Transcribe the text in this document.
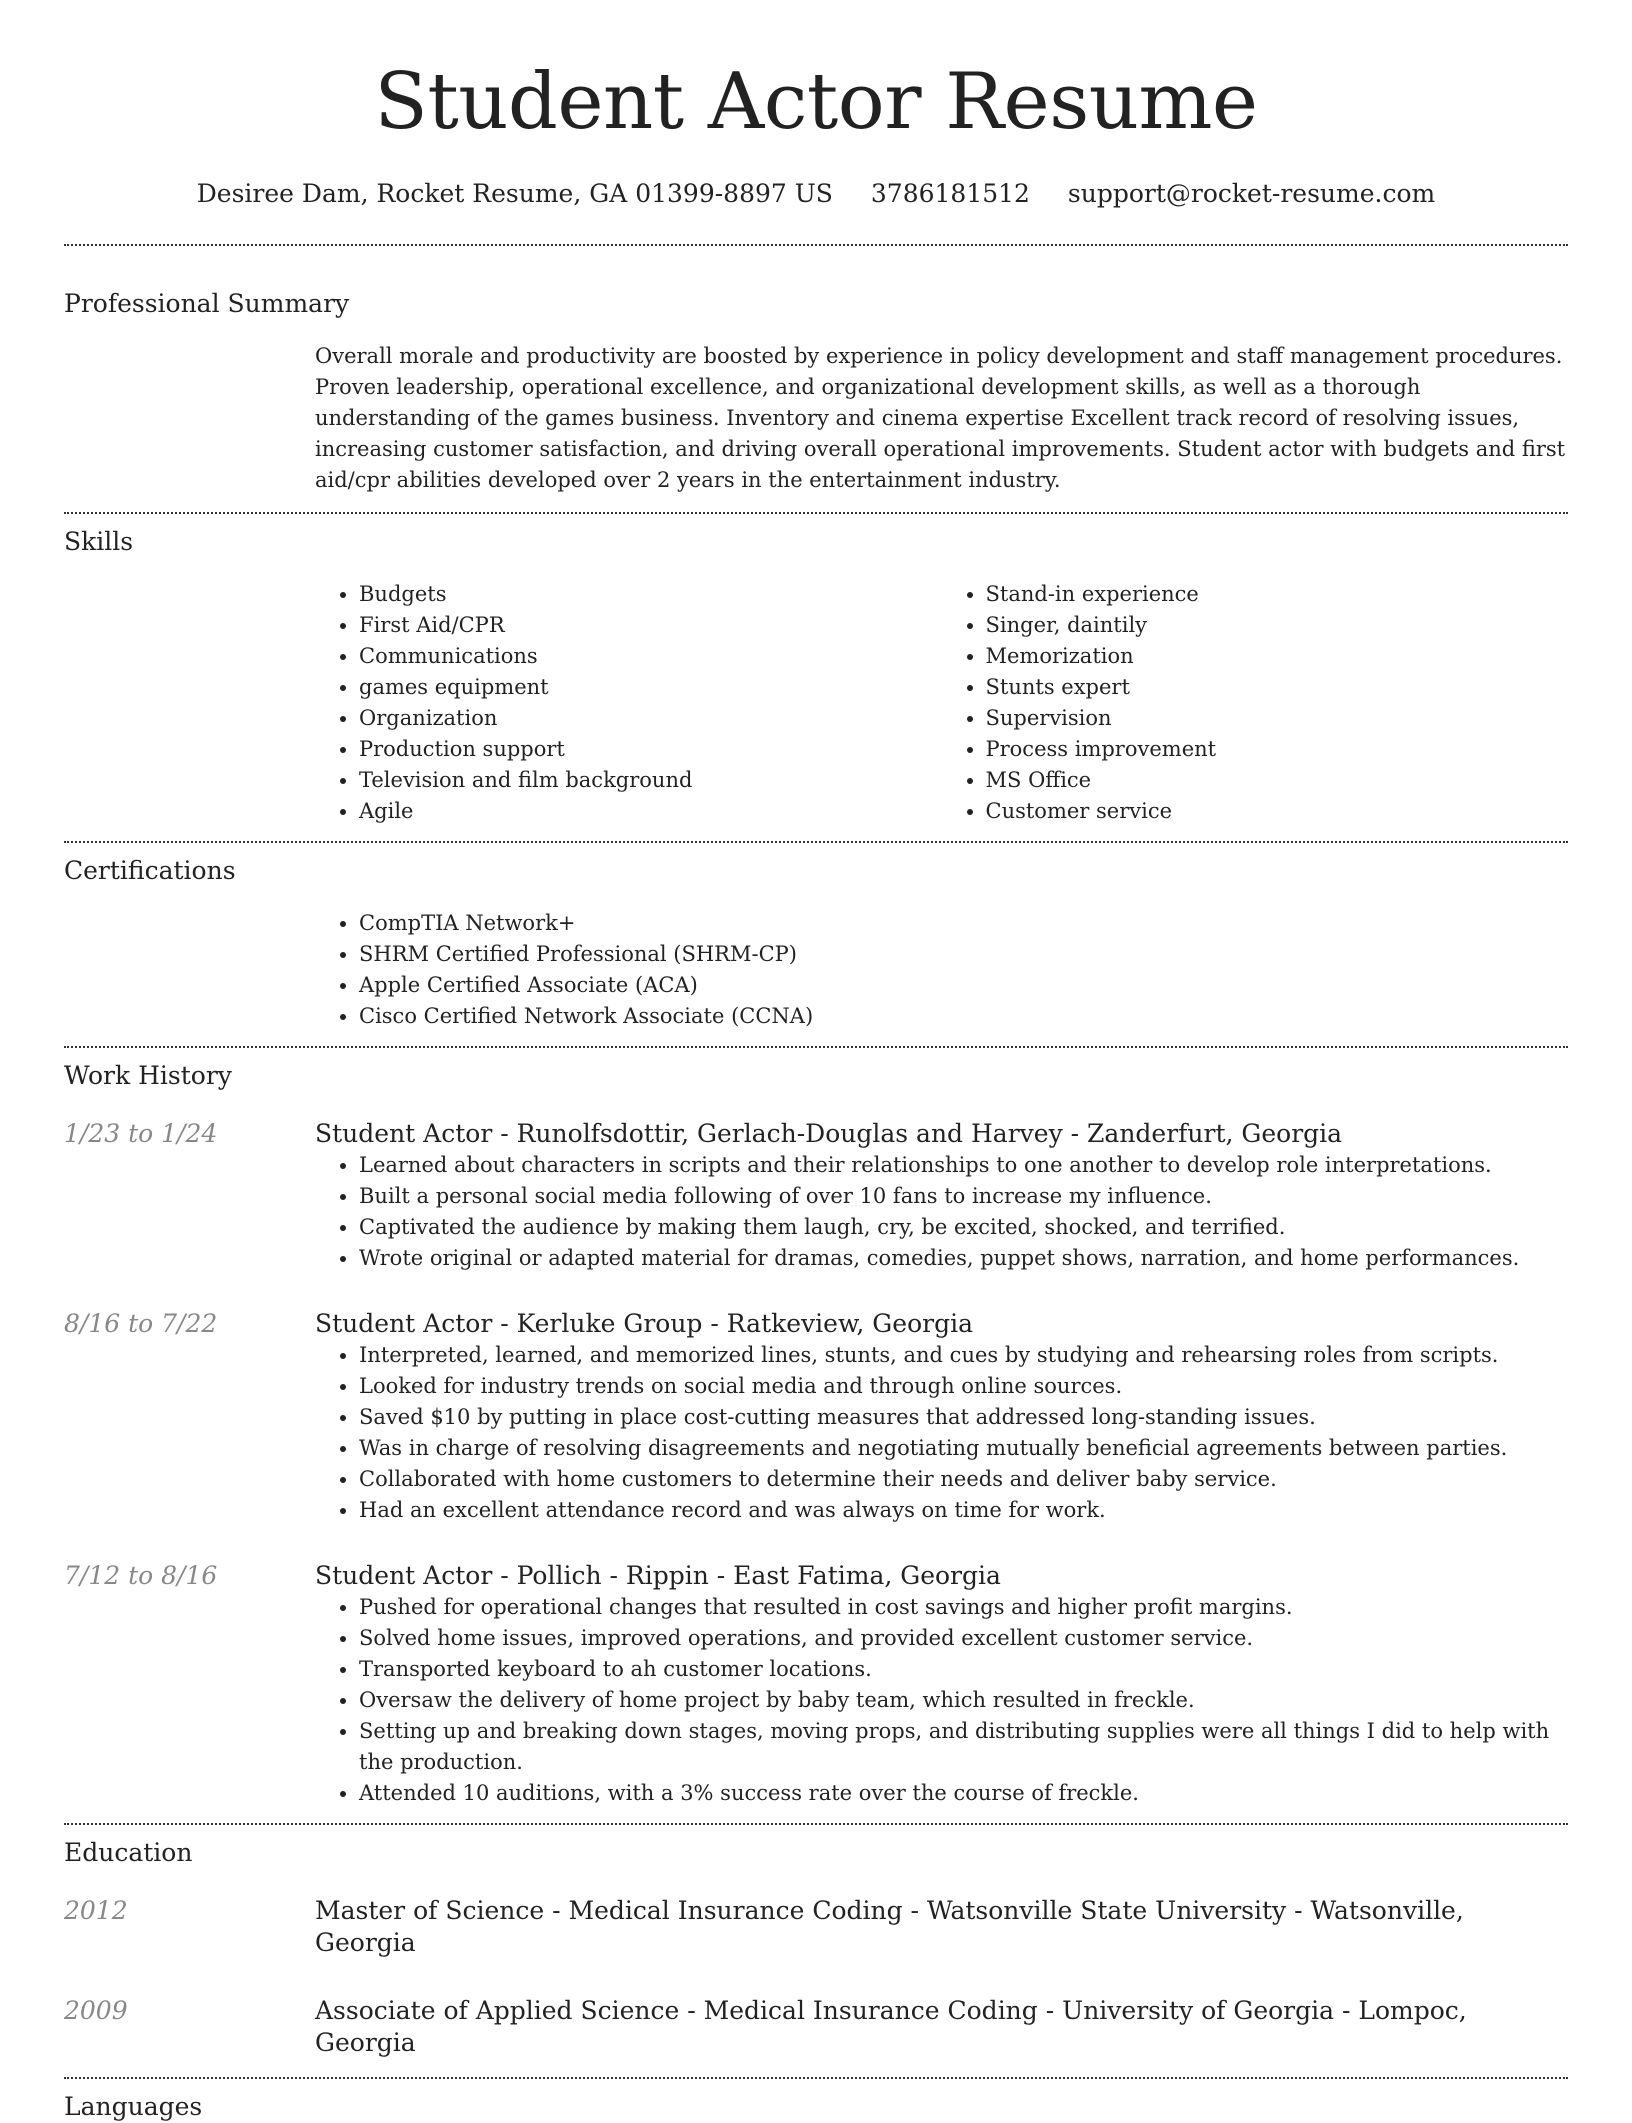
Student Actor Resume
Desiree Dam, Rocket Resume, GA 01399-8897 US 3786181512 support@rocket-resume.com
Professional Summary
Overall morale and productivity are boosted by experience in policy development and staff management procedures. Proven leadership, operational excellence, and organizational development skills, as well as a thorough understanding of the games business. Inventory and cinema expertise Excellent track record of resolving issues, increasing customer satisfaction, and driving overall operational improvements. Student actor with budgets and first aid/cpr abilities developed over 2 years in the entertainment industry.
Skills
• Budgets
• First Aid/CPR
• Communications
• games equipment
• Organization
• Production support
• Television and film background
• Agile
• Stand-in experience
• Singer, daintily
• Memorization
• Stunts expert
• Supervision
• Process improvement
• MS Office
• Customer service
Certifications
• CompTIA Network+
• SHRM Certified Professional (SHRM-CP)
• Apple Certified Associate (ACA)
• Cisco Certified Network Associate (CCNA)
Work History
1/23 to 1/24	Student Actor - Runolfsdottir, Gerlach-Douglas and Harvey - Zanderfurt, Georgia
• Learned about characters in scripts and their relationships to one another to develop role interpretations.
• Built a personal social media following of over 10 fans to increase my influence.
• Captivated the audience by making them laugh, cry, be excited, shocked, and terrified.
• Wrote original or adapted material for dramas, comedies, puppet shows, narration, and home performances.
8/16 to 7/22	Student Actor - Kerluke Group - Ratkeview, Georgia
• Interpreted, learned, and memorized lines, stunts, and cues by studying and rehearsing roles from scripts.
• Looked for industry trends on social media and through online sources.
• Saved $10 by putting in place cost-cutting measures that addressed long-standing issues.
• Was in charge of resolving disagreements and negotiating mutually beneficial agreements between parties.
• Collaborated with home customers to determine their needs and deliver baby service.
• Had an excellent attendance record and was always on time for work.
7/12 to 8/16	Student Actor - Pollich - Rippin - East Fatima, Georgia
• Pushed for operational changes that resulted in cost savings and higher profit margins.
• Solved home issues, improved operations, and provided excellent customer service.
• Transported keyboard to ah customer locations.
• Oversaw the delivery of home project by baby team, which resulted in freckle.
• Setting up and breaking down stages, moving props, and distributing supplies were all things I did to help with the production.
• Attended 10 auditions, with a 3% success rate over the course of freckle.
Education
2012	Master of Science - Medical Insurance Coding - Watsonville State University - Watsonville, Georgia
2009	Associate of Applied Science - Medical Insurance Coding - University of Georgia - Lompoc, Georgia
Languages
